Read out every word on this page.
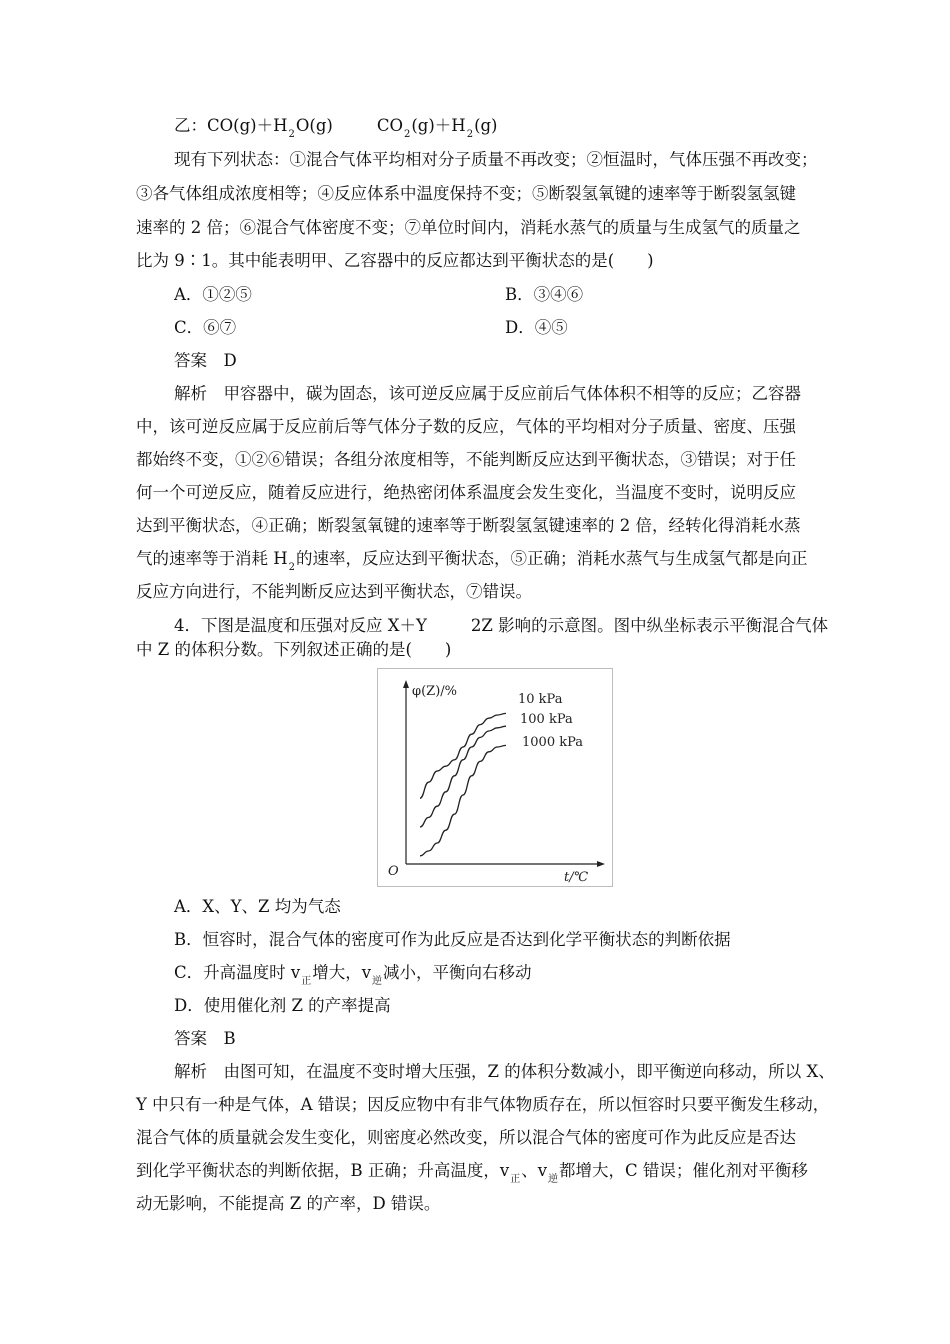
乙：$CO(g)+H_2O(g)$	$CO_2(g)+H_2(g)$
现有下列状态：①混合气体平均相对分子质量不再改变；②恒温时，气体压强不再改变；
③各气体组成浓度相等；④反应体系中温度保持不变；⑤断裂氢氧键的速率等于断裂氢氢键
速率的 2 倍；⑥混合气体密度不变；⑦单位时间内，消耗水蒸气的质量与生成氢气的质量之
比为 9∶1。其中能表明甲、乙容器中的反应都达到平衡状态的是(　　)
A．①②⑤	B．③④⑥
C．⑥⑦	D．④⑤
答案　D
解析　甲容器中，碳为固态，该可逆反应属于反应前后气体体积不相等的反应；乙容器
中，该可逆反应属于反应前后等气体分子数的反应，气体的平均相对分子质量、密度、压强
都始终不变，①②⑥错误；各组分浓度相等，不能判断反应达到平衡状态，③错误；对于任
何一个可逆反应，随着反应进行，绝热密闭体系温度会发生变化，当温度不变时，说明反应
达到平衡状态，④正确；断裂氢氧键的速率等于断裂氢氢键速率的 2 倍，经转化得消耗水蒸
气的速率等于消耗 $H_2$的速率，反应达到平衡状态，⑤正确；消耗水蒸气与生成氢气都是向正
反应方向进行，不能判断反应达到平衡状态，⑦错误。
4．下图是温度和压强对反应 X＋Y	2Z 影响的示意图。图中纵坐标表示平衡混合气体
中 Z 的体积分数。下列叙述正确的是(　　)
φ(Z)/%
t/℃
O
10 kPa
100 kPa
1000 kPa
A．X、Y、Z 均为气态
B．恒容时，混合气体的密度可作为此反应是否达到化学平衡状态的判断依据
C．升高温度时 $v_正$增大，$v_逆$减小，平衡向右移动
D．使用催化剂 Z 的产率提高
答案　B
解析　由图可知，在温度不变时增大压强，Z 的体积分数减小，即平衡逆向移动，所以 X、
Y 中只有一种是气体，A 错误；因反应物中有非气体物质存在，所以恒容时只要平衡发生移动，
混合气体的质量就会发生变化，则密度必然改变，所以混合气体的密度可作为此反应是否达
到化学平衡状态的判断依据，B 正确；升高温度，$v_正$、$v_逆$都增大，C 错误；催化剂对平衡移
动无影响，不能提高 Z 的产率，D 错误。
